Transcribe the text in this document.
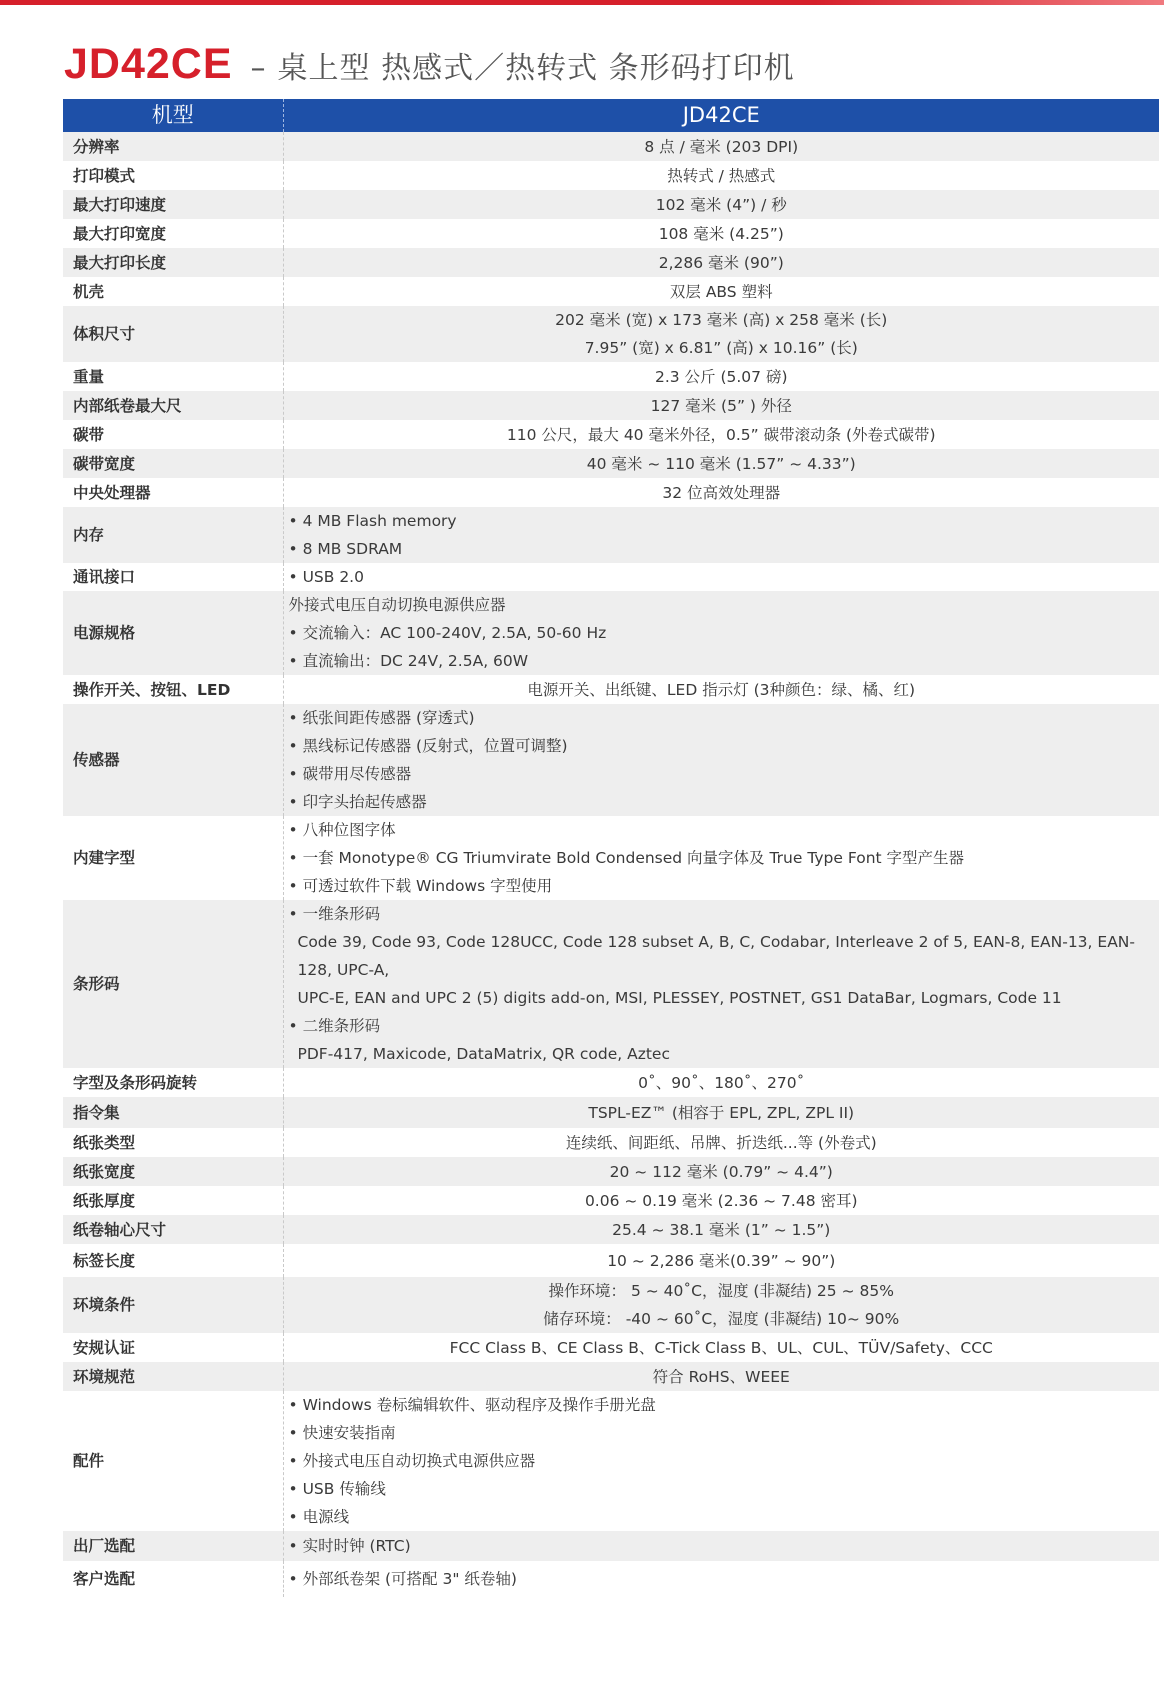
JD42CE – 桌上型 热感式／热转式 条形码打印机
机型	JD42CE
分辨率	8 点 / 毫米 (203 DPI)

打印模式	热转式 / 热感式

最大打印速度	102 毫米 (4”) / 秒

最大打印宽度	108 毫米 (4.25”)

最大打印长度	2,286 毫米 (90”)

机壳	双层 ABS 塑料

体积尺寸	202 毫米 (宽) x 173 毫米 (高) x 258 毫米 (长)
7.95” (宽) x 6.81” (高) x 10.16” (长)

重量	2.3 公斤 (5.07 磅)

内部纸卷最大尺	127 毫米 (5” ) 外径

碳带	110 公尺，最大 40 毫米外径，0.5” 碳带滚动条 (外卷式碳带)

碳带宽度	40 毫米 ~ 110 毫米 (1.57” ~ 4.33”)

中央处理器	32 位高效处理器

内存	• 4 MB Flash memory
• 8 MB SDRAM

通讯接口	• USB 2.0

电源规格	外接式电压自动切换电源供应器
• 交流输入：AC 100-240V, 2.5A, 50-60 Hz
• 直流输出：DC 24V, 2.5A, 60W

操作开关、按钮、LED	电源开关、出纸键、LED 指示灯 (3种颜色：绿、橘、红)

传感器	• 纸张间距传感器 (穿透式)
• 黑线标记传感器 (反射式，位置可调整)
• 碳带用尽传感器
• 印字头抬起传感器

内建字型	• 八种位图字体
• 一套 Monotype® CG Triumvirate Bold Condensed 向量字体及 True Type Font 字型产生器
• 可透过软件下载 Windows 字型使用

条形码	• 一维条形码
Code 39, Code 93, Code 128UCC, Code 128 subset A, B, C, Codabar, Interleave 2 of 5, EAN-8, EAN-13, EAN-128, UPC-A,
UPC-E, EAN and UPC 2 (5) digits add-on, MSI, PLESSEY, POSTNET, GS1 DataBar, Logmars, Code 11
• 二维条形码
PDF-417, Maxicode, DataMatrix, QR code, Aztec

字型及条形码旋转	0˚、90˚、180˚、270˚

指令集	TSPL-EZ™ (相容于 EPL, ZPL, ZPL II)

纸张类型	连续纸、间距纸、吊牌、折迭纸...等 (外卷式)

纸张宽度	20 ~ 112 毫米 (0.79” ~ 4.4”)

纸张厚度	0.06 ~ 0.19 毫米 (2.36 ~ 7.48 密耳)

纸卷轴心尺寸	25.4 ~ 38.1 毫米 (1” ~ 1.5”)

标签长度	10 ~ 2,286 毫米(0.39” ~ 90”)

环境条件	操作环境： 5 ~ 40˚C，湿度 (非凝结) 25 ~ 85%
储存环境： -40 ~ 60˚C，湿度 (非凝结) 10~ 90%

安规认证	FCC Class B、CE Class B、C-Tick Class B、UL、CUL、TÜV/Safety、CCC

环境规范	符合 RoHS、WEEE

配件	• Windows 卷标编辑软件、驱动程序及操作手册光盘
• 快速安装指南
• 外接式电压自动切换式电源供应器
• USB 传输线
• 电源线

出厂选配	• 实时时钟 (RTC)

客户选配	• 外部纸卷架 (可搭配 3" 纸卷轴)
